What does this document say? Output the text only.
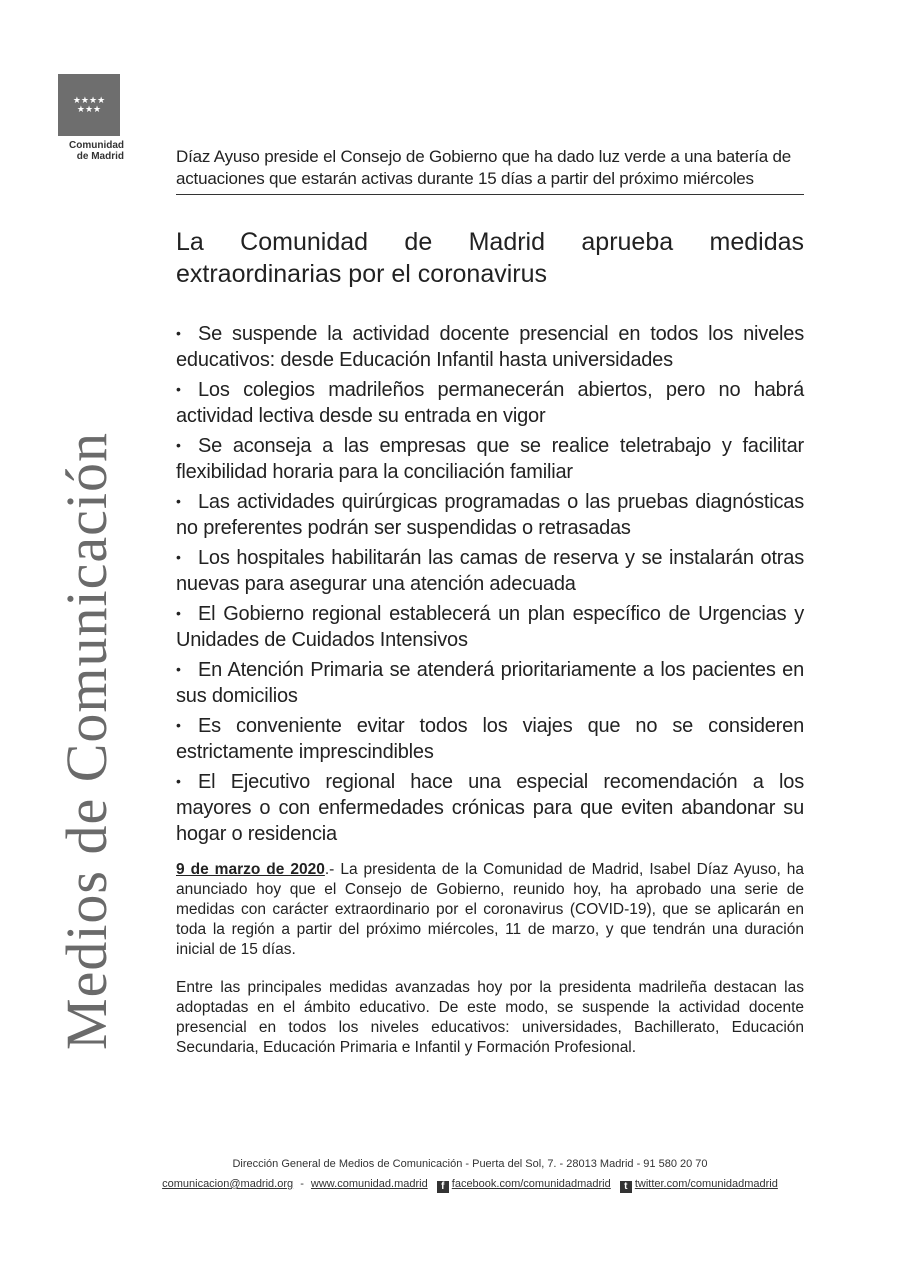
★★★★
★★★
Comunidad
de Madrid
Medios de Comunicación
Díaz Ayuso preside el Consejo de Gobierno que ha dado luz verde a una batería de actuaciones que estarán activas durante 15 días a partir del próximo miércoles
La Comunidad de Madrid aprueba medidas extraordinarias por el coronavirus
• Se suspende la actividad docente presencial en todos los niveles educativos: desde Educación Infantil hasta universidades
• Los colegios madrileños permanecerán abiertos, pero no habrá actividad lectiva desde su entrada en vigor
• Se aconseja a las empresas que se realice teletrabajo y facilitar flexibilidad horaria para la conciliación familiar
• Las actividades quirúrgicas programadas o las pruebas diagnósticas no preferentes podrán ser suspendidas o retrasadas
• Los hospitales habilitarán las camas de reserva y se instalarán otras nuevas para asegurar una atención adecuada
• El Gobierno regional establecerá un plan específico de Urgencias y Unidades de Cuidados Intensivos
• En Atención Primaria se atenderá prioritariamente a los pacientes en sus domicilios
• Es conveniente evitar todos los viajes que no se consideren estrictamente imprescindibles
• El Ejecutivo regional hace una especial recomendación a los mayores o con enfermedades crónicas para que eviten abandonar su hogar o residencia

9 de marzo de 2020.- La presidenta de la Comunidad de Madrid, Isabel Díaz Ayuso, ha anunciado hoy que el Consejo de Gobierno, reunido hoy, ha aprobado una serie de medidas con carácter extraordinario por el coronavirus (COVID-19), que se aplicarán en toda la región a partir del próximo miércoles, 11 de marzo, y que tendrán una duración inicial de 15 días.

Entre las principales medidas avanzadas hoy por la presidenta madrileña destacan las adoptadas en el ámbito educativo. De este modo, se suspende la actividad docente presencial en todos los niveles educativos: universidades, Bachillerato, Educación Secundaria, Educación Primaria e Infantil y Formación Profesional.

Dirección General de Medios de Comunicación - Puerta del Sol, 7. - 28013 Madrid - 91 580 20 70
comunicacion@madrid.org - www.comunidad.madrid f facebook.com/comunidadmadrid t twitter.com/comunidadmadrid
